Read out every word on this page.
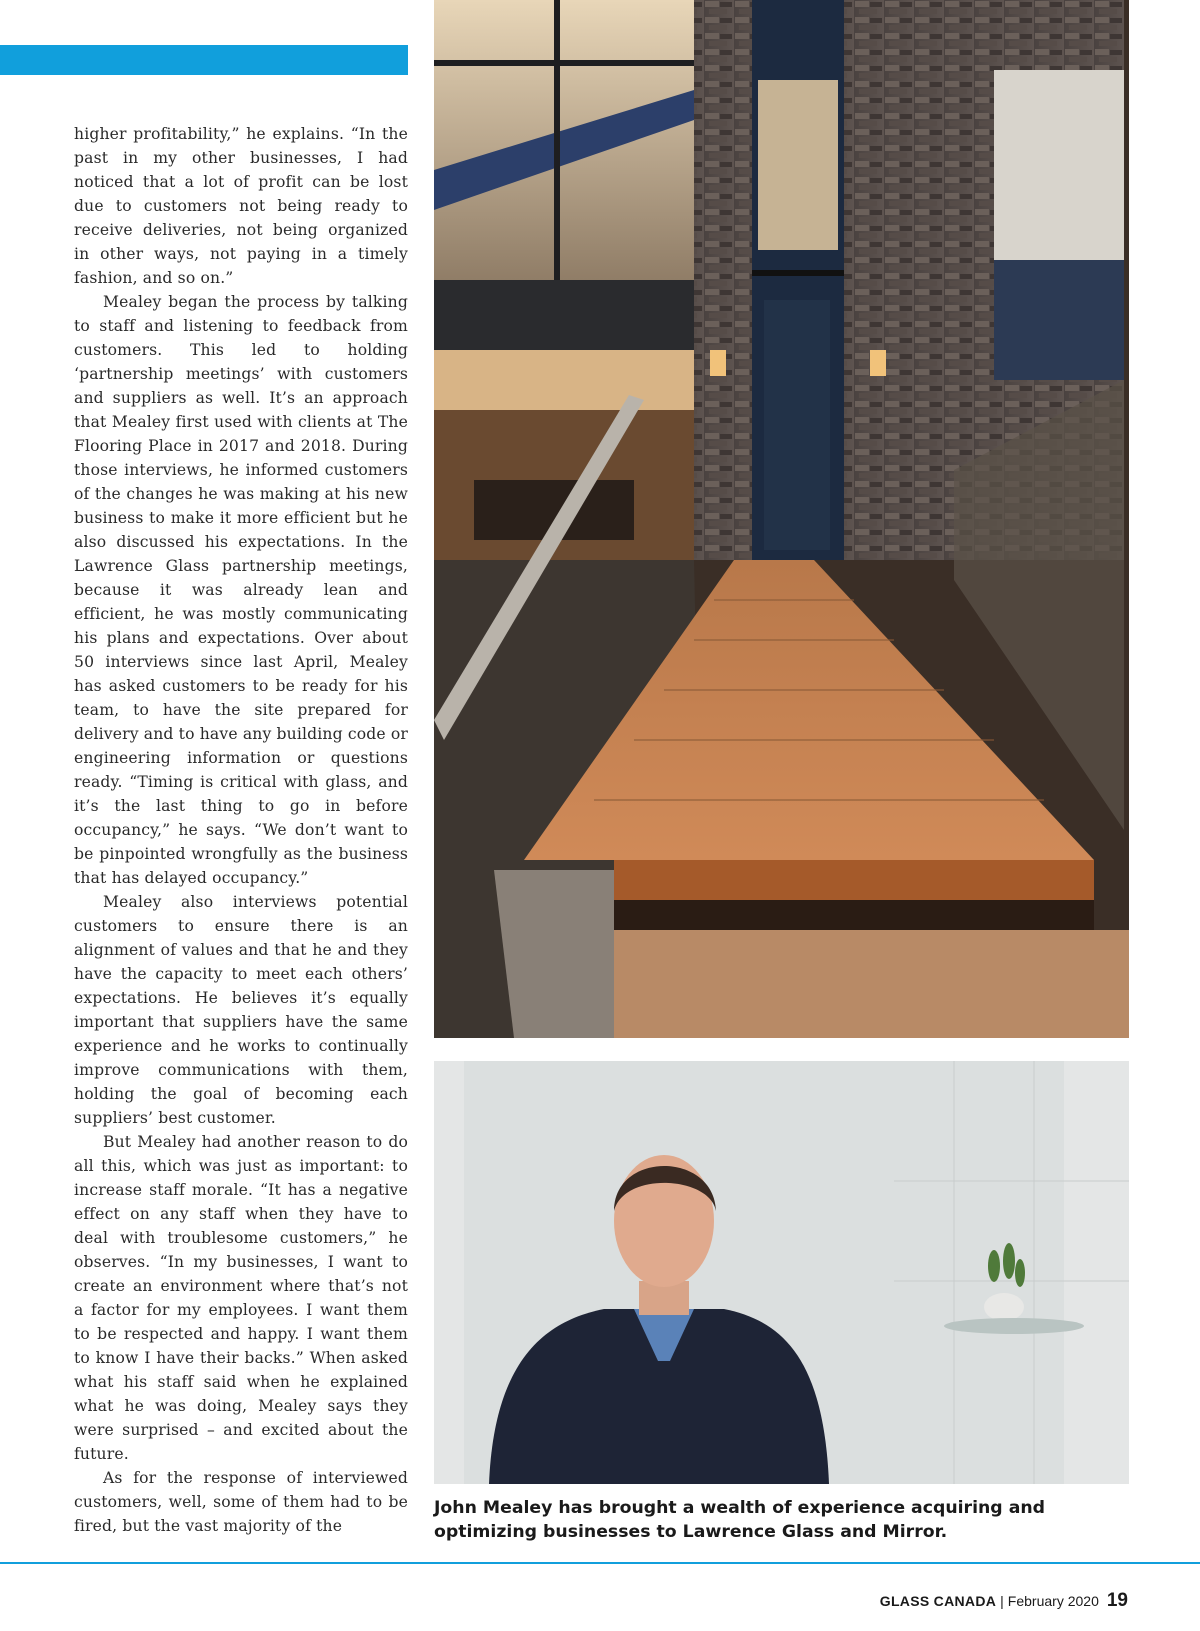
higher profitability,” he explains. “In the past in my other businesses, I had noticed that a lot of profit can be lost due to customers not being ready to receive deliveries, not being organized in other ways, not paying in a timely fashion, and so on.”

Mealey began the process by talking to staff and listening to feedback from customers. This led to holding ‘partnership meetings’ with customers and suppliers as well. It’s an approach that Mealey first used with clients at The Flooring Place in 2017 and 2018. During those interviews, he informed customers of the changes he was making at his new business to make it more efficient but he also discussed his expectations. In the Lawrence Glass partnership meetings, because it was already lean and efficient, he was mostly communicating his plans and expectations. Over about 50 interviews since last April, Mealey has asked customers to be ready for his team, to have the site prepared for delivery and to have any building code or engineering information or questions ready. “Timing is critical with glass, and it’s the last thing to go in before occupancy,” he says. “We don’t want to be pinpointed wrongfully as the business that has delayed occupancy.”

Mealey also interviews potential customers to ensure there is an alignment of values and that he and they have the capacity to meet each others’ expectations. He believes it’s equally important that suppliers have the same experience and he works to continually improve communications with them, holding the goal of becoming each suppliers’ best customer.

But Mealey had another reason to do all this, which was just as important: to increase staff morale. “It has a negative effect on any staff when they have to deal with troublesome customers,” he observes. “In my businesses, I want to create an environment where that’s not a factor for my employees. I want them to be respected and happy. I want them to know I have their backs.” When asked what his staff said when he explained what he was doing, Mealey says they were surprised – and excited about the future.

As for the response of interviewed customers, well, some of them had to be fired, but the vast majority of the

John Mealey has brought a wealth of experience acquiring and optimizing businesses to Lawrence Glass and Mirror.
GLASS CANADA | February 2020 19
